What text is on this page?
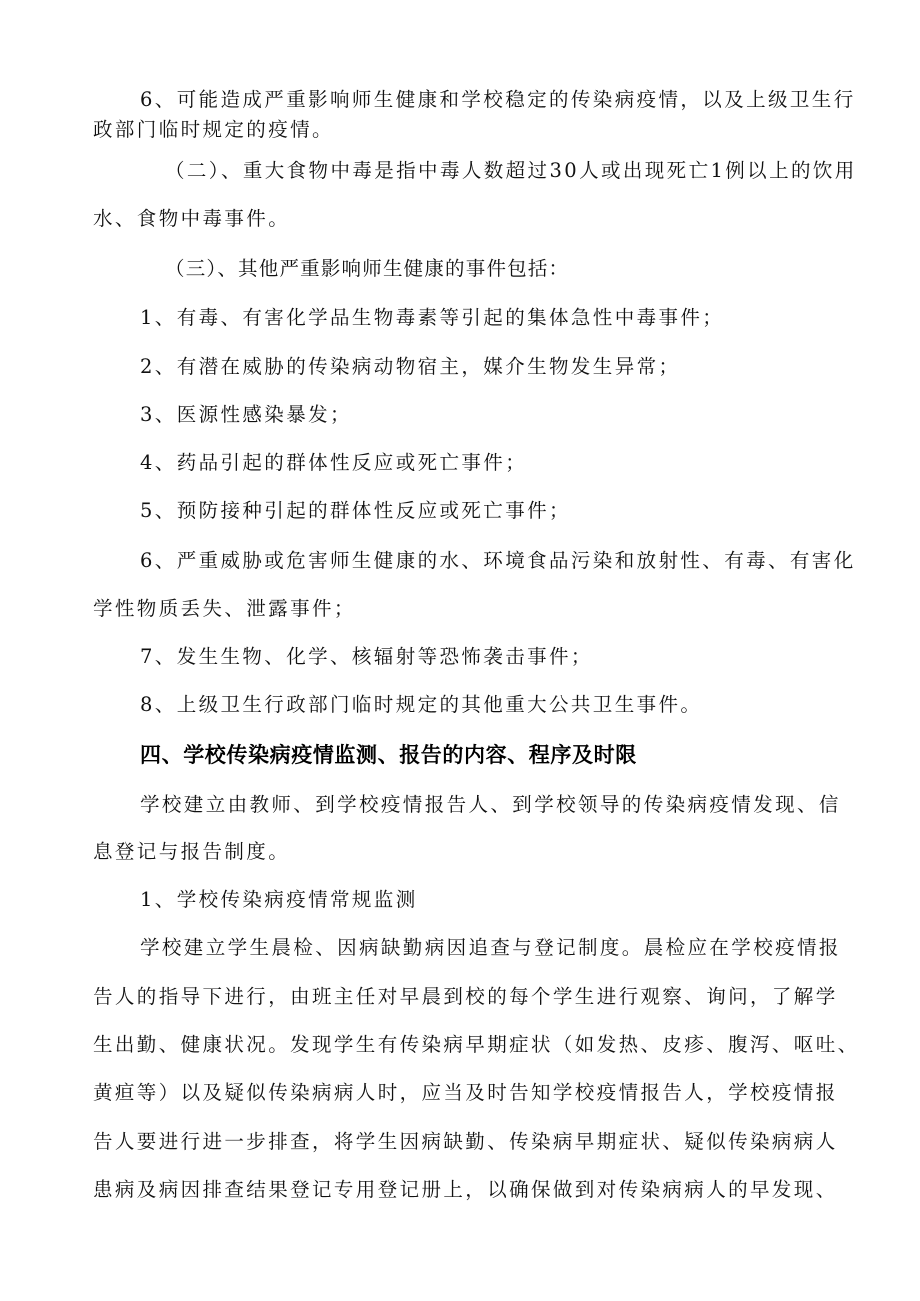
6、可能造成严重影响师生健康和学校稳定的传染病疫情，以及上级卫生行

政部门临时规定的疫情。

（二）、重大食物中毒是指中毒人数超过30人或出现死亡1例以上的饮用

水、食物中毒事件。

（三）、其他严重影响师生健康的事件包括：

1、有毒、有害化学品生物毒素等引起的集体急性中毒事件；

2、有潜在威胁的传染病动物宿主，媒介生物发生异常；

3、医源性感染暴发；

4、药品引起的群体性反应或死亡事件；

5、预防接种引起的群体性反应或死亡事件；

6、严重威胁或危害师生健康的水、环境食品污染和放射性、有毒、有害化

学性物质丢失、泄露事件；

7、发生生物、化学、核辐射等恐怖袭击事件；

8、上级卫生行政部门临时规定的其他重大公共卫生事件。

四、学校传染病疫情监测、报告的内容、程序及时限

学校建立由教师、到学校疫情报告人、到学校领导的传染病疫情发现、信

息登记与报告制度。

1、学校传染病疫情常规监测

学校建立学生晨检、因病缺勤病因追查与登记制度。晨检应在学校疫情报

告人的指导下进行，由班主任对早晨到校的每个学生进行观察、询问，了解学

生出勤、健康状况。发现学生有传染病早期症状（如发热、皮疹、腹泻、呕吐、

黄疸等）以及疑似传染病病人时，应当及时告知学校疫情报告人，学校疫情报

告人要进行进一步排查，将学生因病缺勤、传染病早期症状、疑似传染病病人

患病及病因排查结果登记专用登记册上，以确保做到对传染病病人的早发现、
